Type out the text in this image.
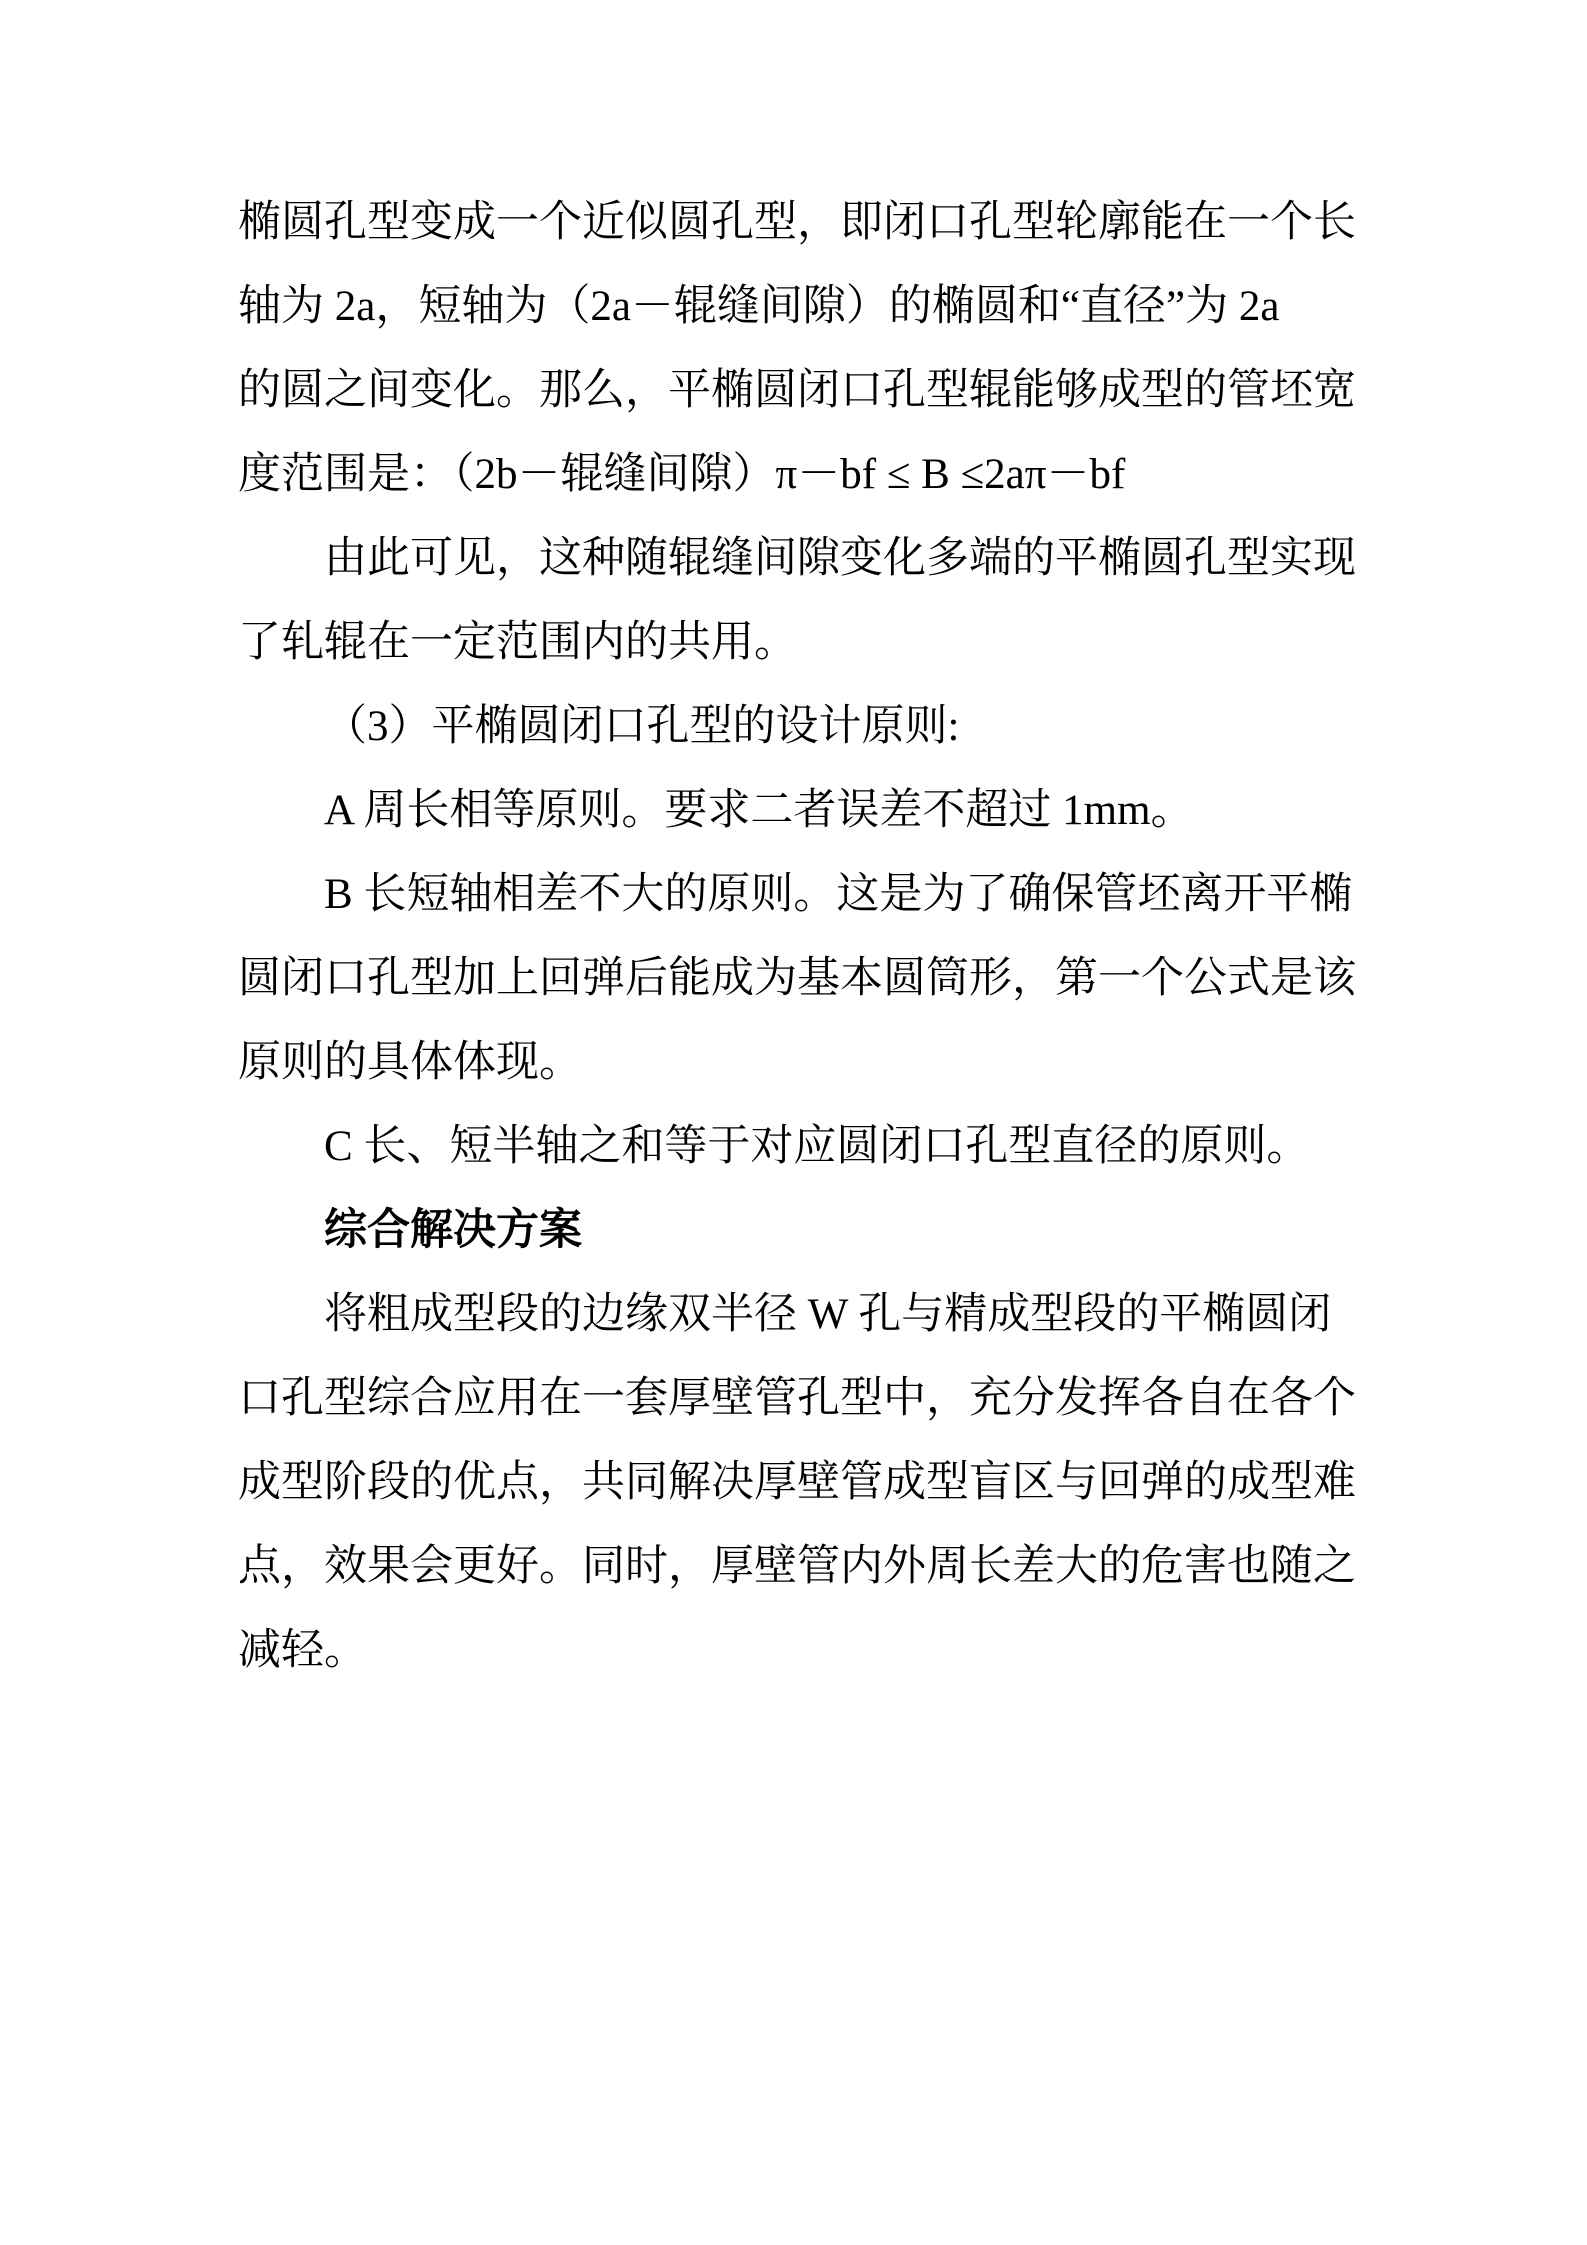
椭圆孔型变成一个近似圆孔型，即闭口孔型轮廓能在一个长
轴为 2a，短轴为（2a－辊缝间隙）的椭圆和“直径”为 2a
的圆之间变化。那么，平椭圆闭口孔型辊能够成型的管坯宽
度范围是：（2b－辊缝间隙）π－bf ≤ B ≤2aπ－bf
由此可见，这种随辊缝间隙变化多端的平椭圆孔型实现
了轧辊在一定范围内的共用。
（3）平椭圆闭口孔型的设计原则:
A 周长相等原则。要求二者误差不超过 1mm。
B 长短轴相差不大的原则。这是为了确保管坯离开平椭
圆闭口孔型加上回弹后能成为基本圆筒形，第一个公式是该
原则的具体体现。
C 长、短半轴之和等于对应圆闭口孔型直径的原则。
综合解决方案
将粗成型段的边缘双半径 W 孔与精成型段的平椭圆闭
口孔型综合应用在一套厚壁管孔型中，充分发挥各自在各个
成型阶段的优点，共同解决厚壁管成型盲区与回弹的成型难
点，效果会更好。同时，厚壁管内外周长差大的危害也随之
减轻。
